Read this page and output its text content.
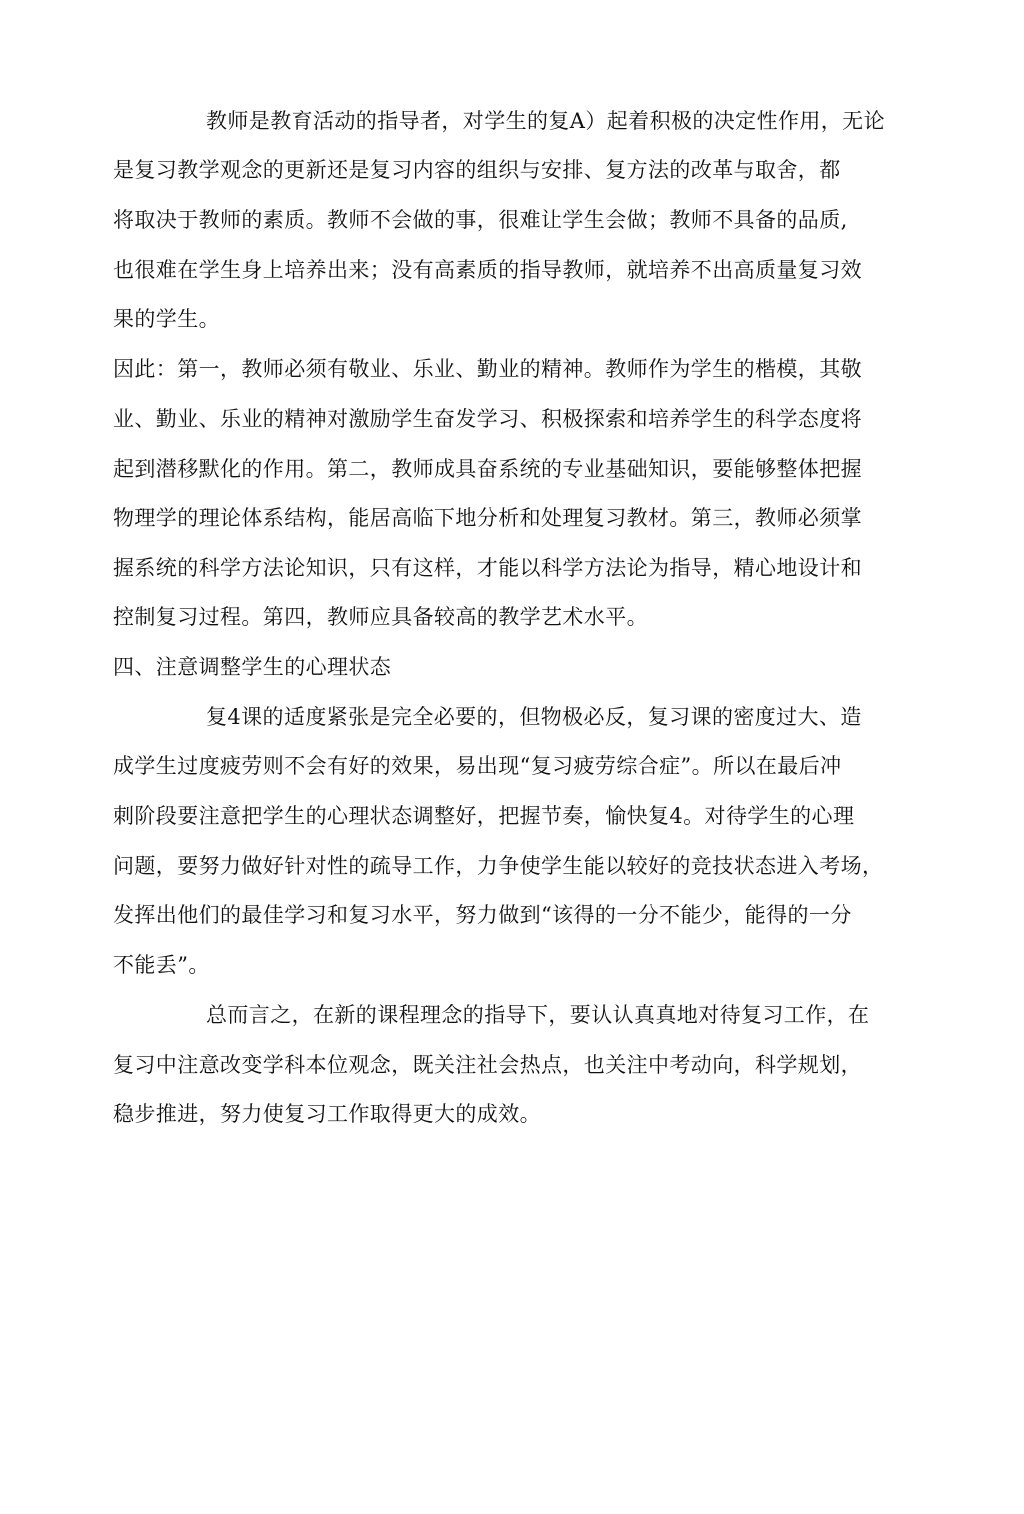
教师是教育活动的指导者，对学生的复A）起着积极的决定性作用，无论
是复习教学观念的更新还是复习内容的组织与安排、复方法的改革与取舍，都
将取决于教师的素质。教师不会做的事，很难让学生会做；教师不具备的品质,
也很难在学生身上培养出来；没有高素质的指导教师，就培养不出高质量复习效
果的学生。
因此：第一，教师必须有敬业、乐业、勤业的精神。教师作为学生的楷模，其敬
业、勤业、乐业的精神对激励学生奋发学习、积极探索和培养学生的科学态度将
起到潜移默化的作用。第二，教师成具奋系统的专业基础知识，要能够整体把握
物理学的理论体系结构，能居高临下地分析和处理复习教材。第三，教师必须掌
握系统的科学方法论知识，只有这样，才能以科学方法论为指导，精心地设计和
控制复习过程。第四，教师应具备较高的教学艺术水平。
四、注意调整学生的心理状态
复4课的适度紧张是完全必要的，但物极必反，复习课的密度过大、造
成学生过度疲劳则不会有好的效果，易出现“复习疲劳综合症”。所以在最后冲
刺阶段要注意把学生的心理状态调整好，把握节奏，愉快复4。对待学生的心理
问题，要努力做好针对性的疏导工作，力争使学生能以较好的竞技状态进入考场，
发挥出他们的最佳学习和复习水平，努力做到“该得的一分不能少，能得的一分
不能丢”。
总而言之，在新的课程理念的指导下，要认认真真地对待复习工作，在
复习中注意改变学科本位观念，既关注社会热点，也关注中考动向，科学规划，
稳步推进，努力使复习工作取得更大的成效。
